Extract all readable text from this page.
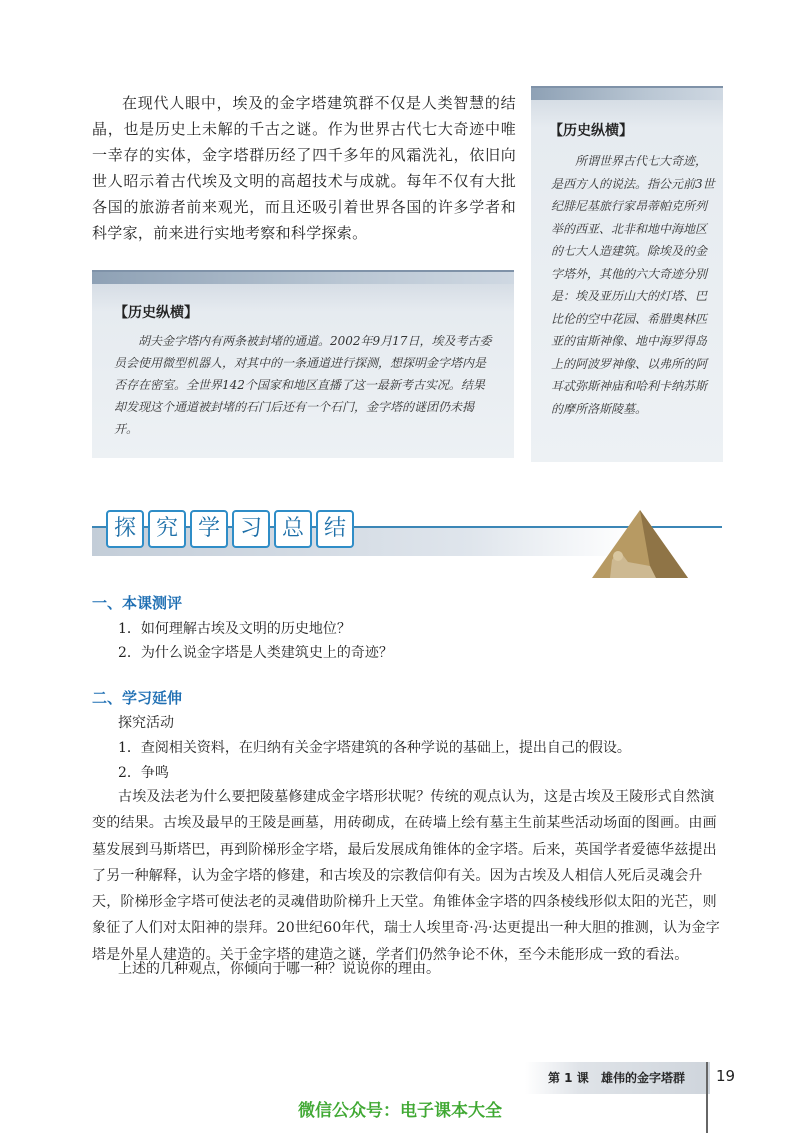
在现代人眼中，埃及的金字塔建筑群不仅是人类智慧的结晶，也是历史上未解的千古之谜。作为世界古代七大奇迹中唯一幸存的实体，金字塔群历经了四千多年的风霜洗礼，依旧向世人昭示着古代埃及文明的高超技术与成就。每年不仅有大批各国的旅游者前来观光，而且还吸引着世界各国的许多学者和科学家，前来进行实地考察和科学探索。

【历史纵横】

胡夫金字塔内有两条被封堵的通道。2002年9月17日，埃及考古委员会使用微型机器人，对其中的一条通道进行探测，想探明金字塔内是否存在密室。全世界142个国家和地区直播了这一最新考古实况。结果却发现这个通道被封堵的石门后还有一个石门，金字塔的谜团仍未揭开。

【历史纵横】

所谓世界古代七大奇迹，是西方人的说法。指公元前3世纪腓尼基旅行家昂蒂帕克所列举的西亚、北非和地中海地区的七大人造建筑。除埃及的金字塔外，其他的六大奇迹分别是：埃及亚历山大的灯塔、巴比伦的空中花园、希腊奥林匹亚的宙斯神像、地中海罗得岛上的阿波罗神像、以弗所的阿耳忒弥斯神庙和哈利卡纳苏斯的摩所洛斯陵墓。

探 究 学 习 总 结
一、本课测评
1．如何理解古埃及文明的历史地位？
2．为什么说金字塔是人类建筑史上的奇迹？
二、学习延伸
探究活动
1．查阅相关资料，在归纳有关金字塔建筑的各种学说的基础上，提出自己的假设。
2．争鸣

古埃及法老为什么要把陵墓修建成金字塔形状呢？传统的观点认为，这是古埃及王陵形式自然演变的结果。古埃及最早的王陵是画墓，用砖砌成，在砖墙上绘有墓主生前某些活动场面的图画。由画墓发展到马斯塔巴，再到阶梯形金字塔，最后发展成角锥体的金字塔。后来，英国学者爱德华兹提出了另一种解释，认为金字塔的修建，和古埃及的宗教信仰有关。因为古埃及人相信人死后灵魂会升天，阶梯形金字塔可使法老的灵魂借助阶梯升上天堂。角锥体金字塔的四条棱线形似太阳的光芒，则象征了人们对太阳神的崇拜。20世纪60年代，瑞士人埃里奇·冯·达更提出一种大胆的推测，认为金字塔是外星人建造的。关于金字塔的建造之谜，学者们仍然争论不休，至今未能形成一致的看法。

上述的几种观点，你倾向于哪一种？说说你的理由。
第 1 课 雄伟的金字塔群 19
微信公众号：电子课本大全
